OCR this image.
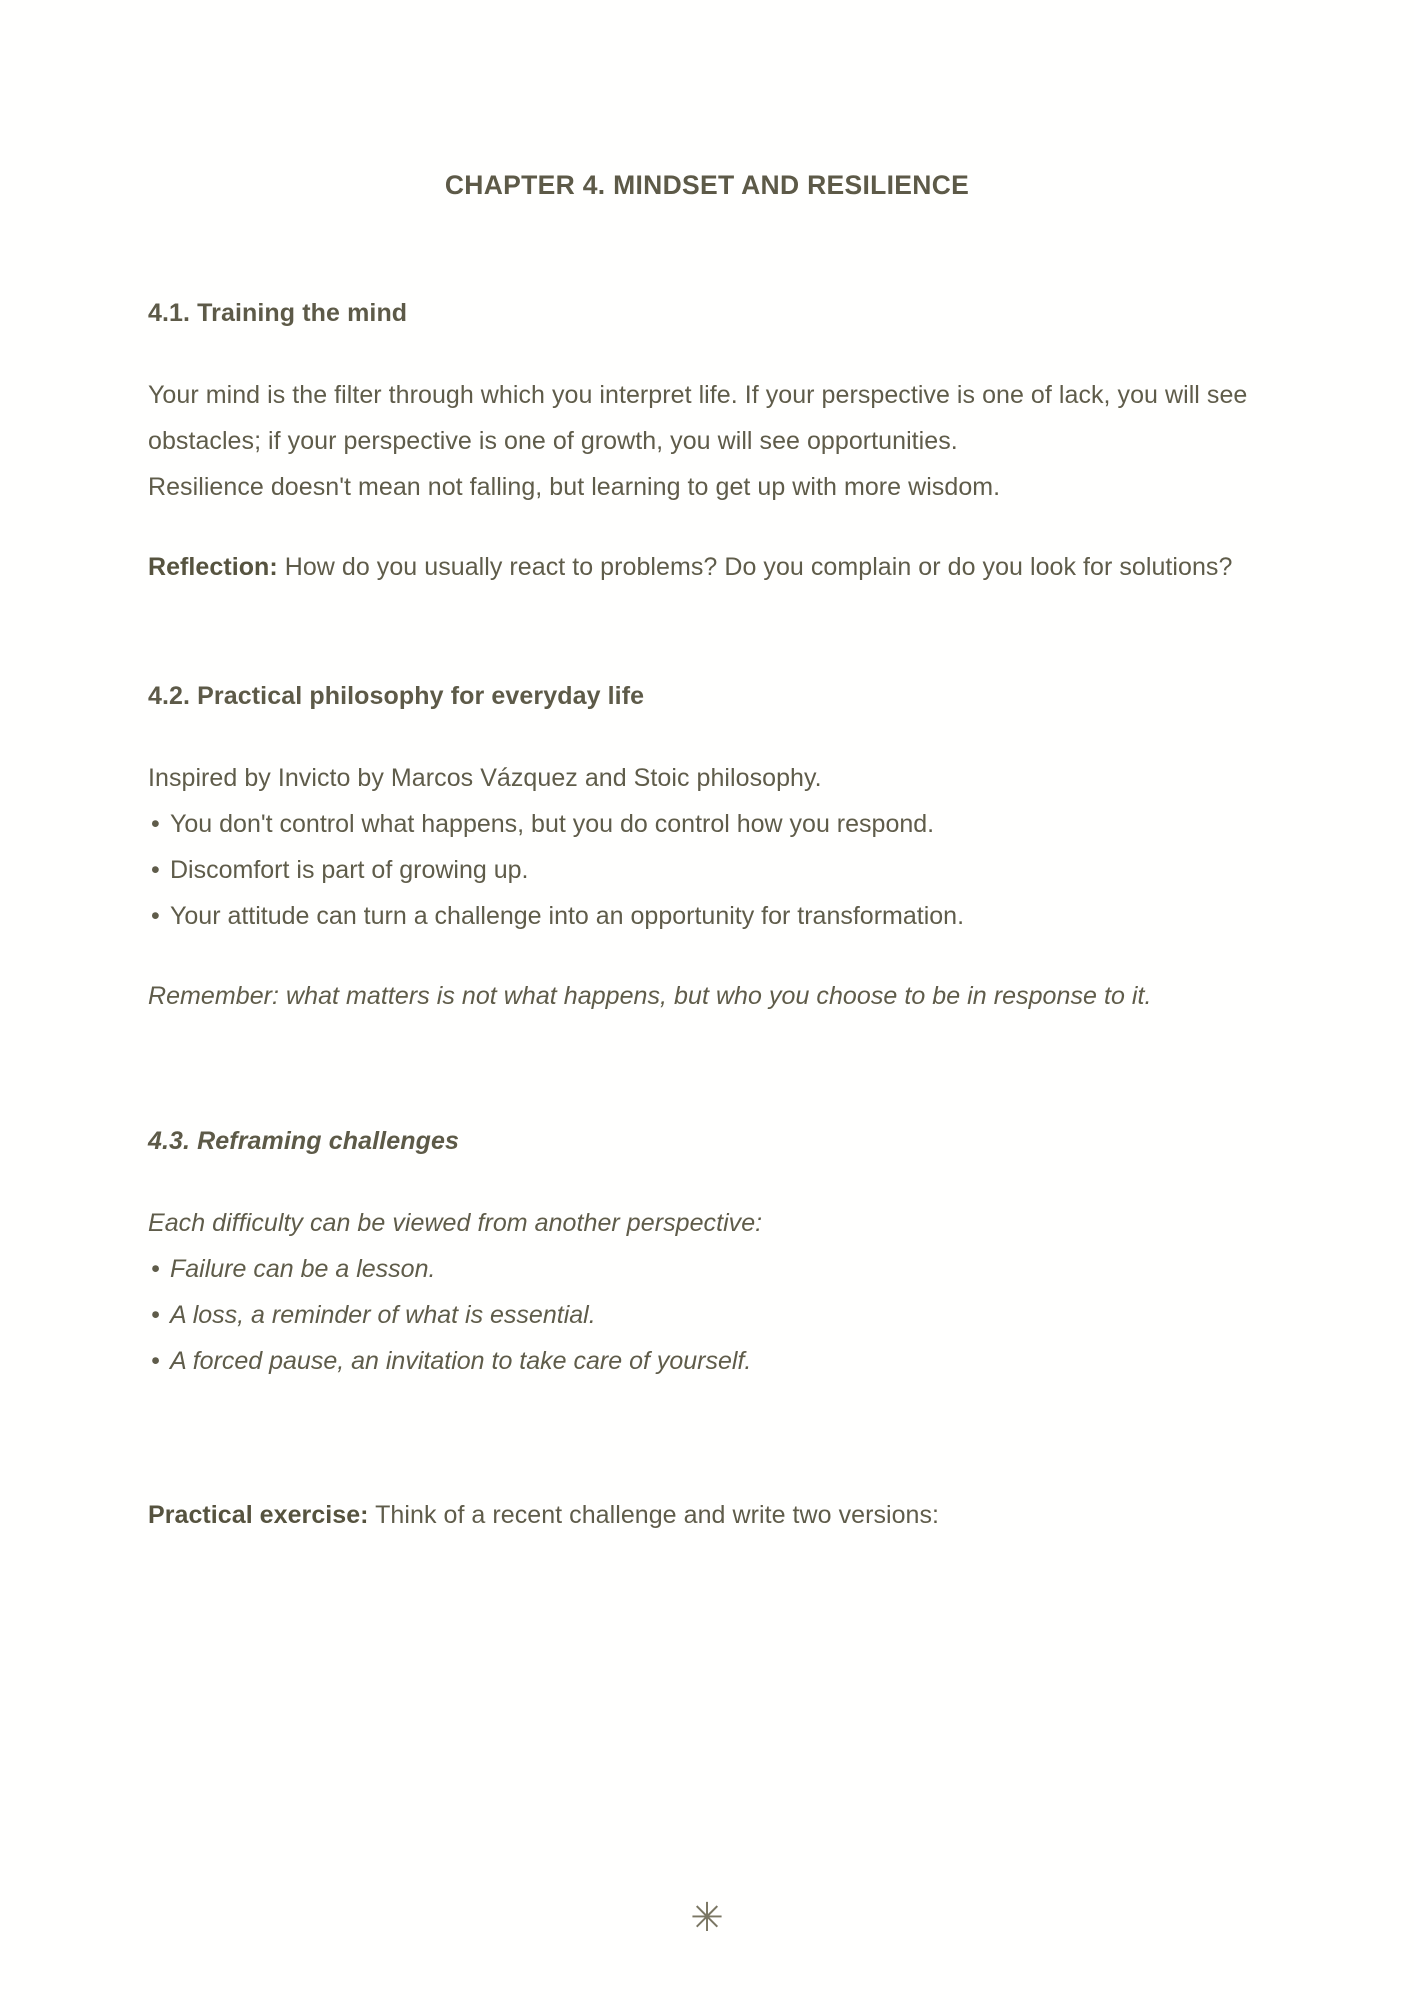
CHAPTER 4. MINDSET AND RESILIENCE
4.1. Training the mind

Your mind is the filter through which you interpret life. If your perspective is one of lack, you will see obstacles; if your perspective is one of growth, you will see opportunities.

Resilience doesn't mean not falling, but learning to get up with more wisdom.

Reflection: How do you usually react to problems? Do you complain or do you look for solutions?

4.2. Practical philosophy for everyday life

Inspired by Invicto by Marcos Vázquez and Stoic philosophy.

• You don't control what happens, but you do control how you respond.
• Discomfort is part of growing up.
• Your attitude can turn a challenge into an opportunity for transformation.

Remember: what matters is not what happens, but who you choose to be in response to it.

4.3. Reframing challenges

Each difficulty can be viewed from another perspective:

• Failure can be a lesson.
• A loss, a reminder of what is essential.
• A forced pause, an invitation to take care of yourself.

Practical exercise: Think of a recent challenge and write two versions:

✳
